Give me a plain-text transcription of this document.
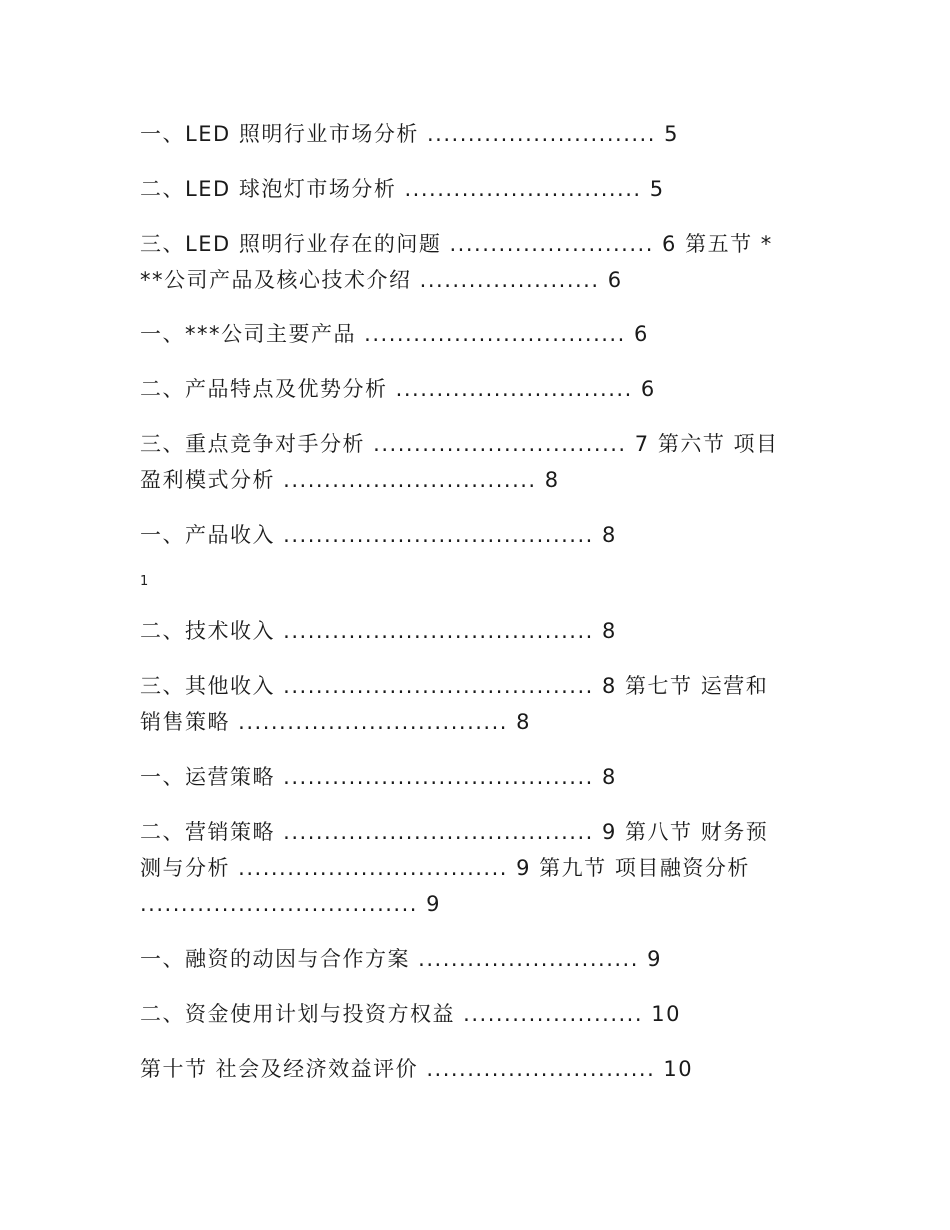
一、LED 照明行业市场分析 ............................ 5
二、LED 球泡灯市场分析 ............................. 5
三、LED 照明行业存在的问题 ......................... 6 第五节 *
**公司产品及核心技术介绍 ...................... 6
一、***公司主要产品 ................................ 6
二、产品特点及优势分析 ............................. 6
三、重点竞争对手分析 ............................... 7 第六节 项目
盈利模式分析 ............................... 8
一、产品收入 ...................................... 8
1
二、技术收入 ...................................... 8
三、其他收入 ...................................... 8 第七节 运营和
销售策略 ................................. 8
一、运营策略 ...................................... 8
二、营销策略 ...................................... 9 第八节 财务预
测与分析 ................................. 9 第九节 项目融资分析
.................................. 9
一、融资的动因与合作方案 ........................... 9
二、资金使用计划与投资方权益 ...................... 10
第十节 社会及经济效益评价 ............................ 10
